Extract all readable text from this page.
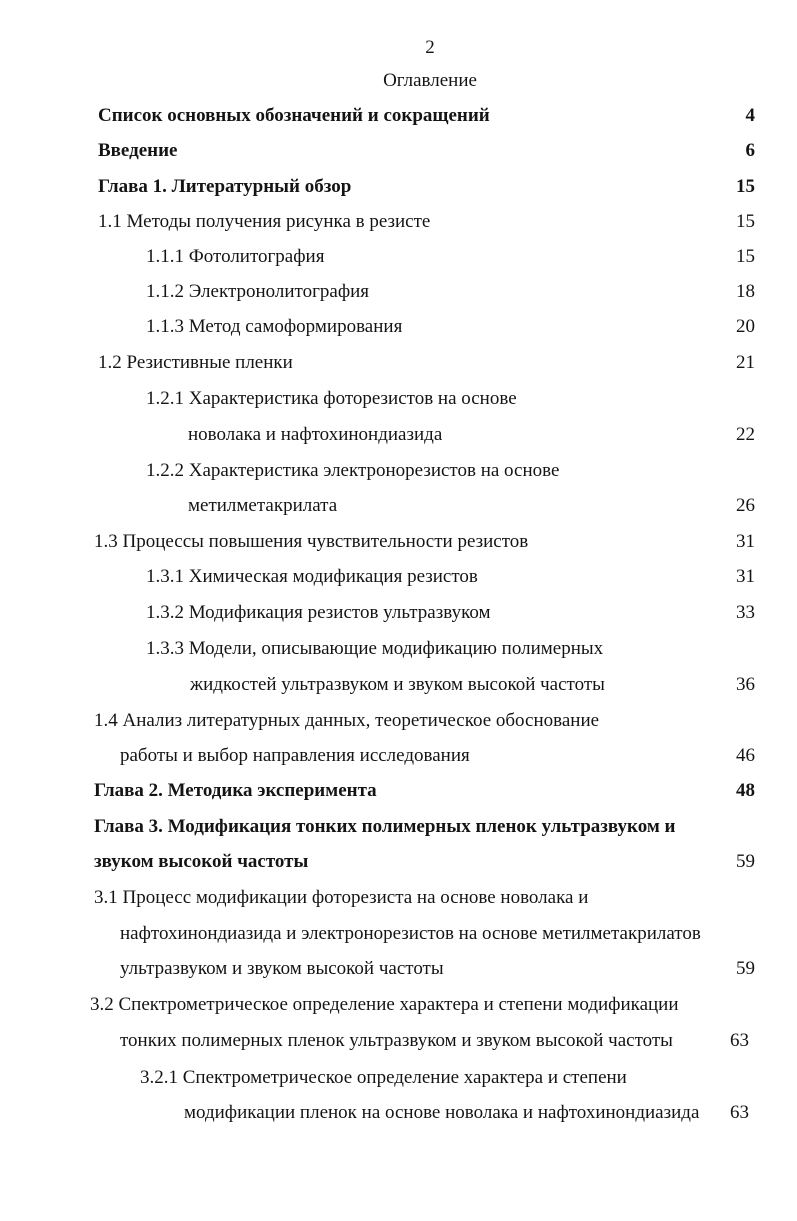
2
Оглавление
Список основных обозначений и сокращений	4
Введение	6
Глава 1. Литературный обзор	15
1.1 Методы получения рисунка в резисте	15
1.1.1 Фотолитография	15
1.1.2 Электронолитография	18
1.1.3 Метод самоформирования	20
1.2 Резистивные пленки	21
1.2.1 Характеристика фоторезистов на основе
новолака и нафтохинондиазида	22
1.2.2 Характеристика электронорезистов на основе
метилметакрилата	26
1.3 Процессы повышения чувствительности резистов	31
1.3.1 Химическая модификация резистов	31
1.3.2 Модификация резистов ультразвуком	33
1.3.3 Модели, описывающие модификацию полимерных
жидкостей ультразвуком и звуком высокой частоты	36
1.4 Анализ литературных данных, теоретическое обоснование
работы и выбор направления исследования	46
Глава 2. Методика эксперимента	48
Глава 3. Модификация тонких полимерных пленок ультразвуком и
звуком высокой частоты	59
3.1 Процесс модификации фоторезиста на основе новолака и
нафтохинондиазида и электронорезистов на основе метилметакрилатов
ультразвуком и звуком высокой частоты	59
3.2 Спектрометрическое определение характера и степени модификации
тонких полимерных пленок ультразвуком и звуком высокой частоты	63
3.2.1 Спектрометрическое определение характера и степени
модификации пленок на основе новолака и нафтохинондиазида 63
